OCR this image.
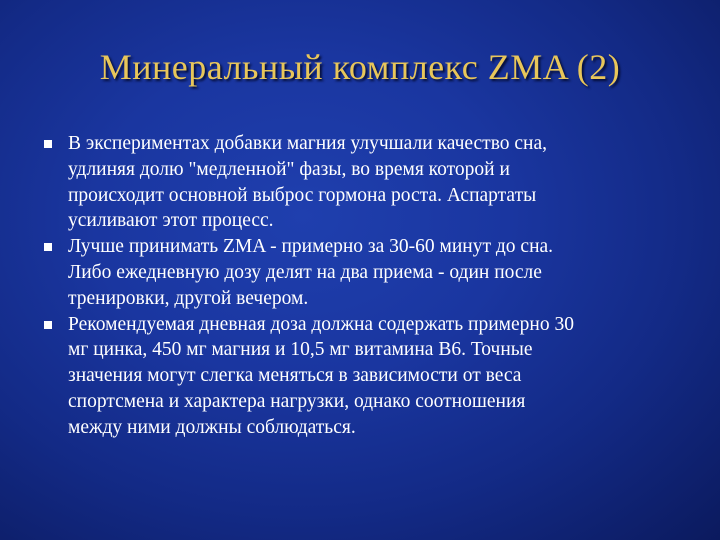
Минеральный комплекс ZMA (2)
В экспериментах добавки магния улучшали качество сна,
удлиняя долю "медленной" фазы, во время которой и
происходит основной выброс гормона роста. Аспартаты
усиливают этот процесс.
Лучше принимать ZMA - примерно за 30-60 минут до сна.
Либо ежедневную дозу делят на два приема - один после
тренировки, другой вечером.
Рекомендуемая дневная доза должна содержать примерно 30
мг цинка, 450 мг магния и 10,5 мг витамина B6. Точные
значения могут слегка меняться в зависимости от веса
спортсмена и характера нагрузки, однако соотношения
между ними должны соблюдаться.
